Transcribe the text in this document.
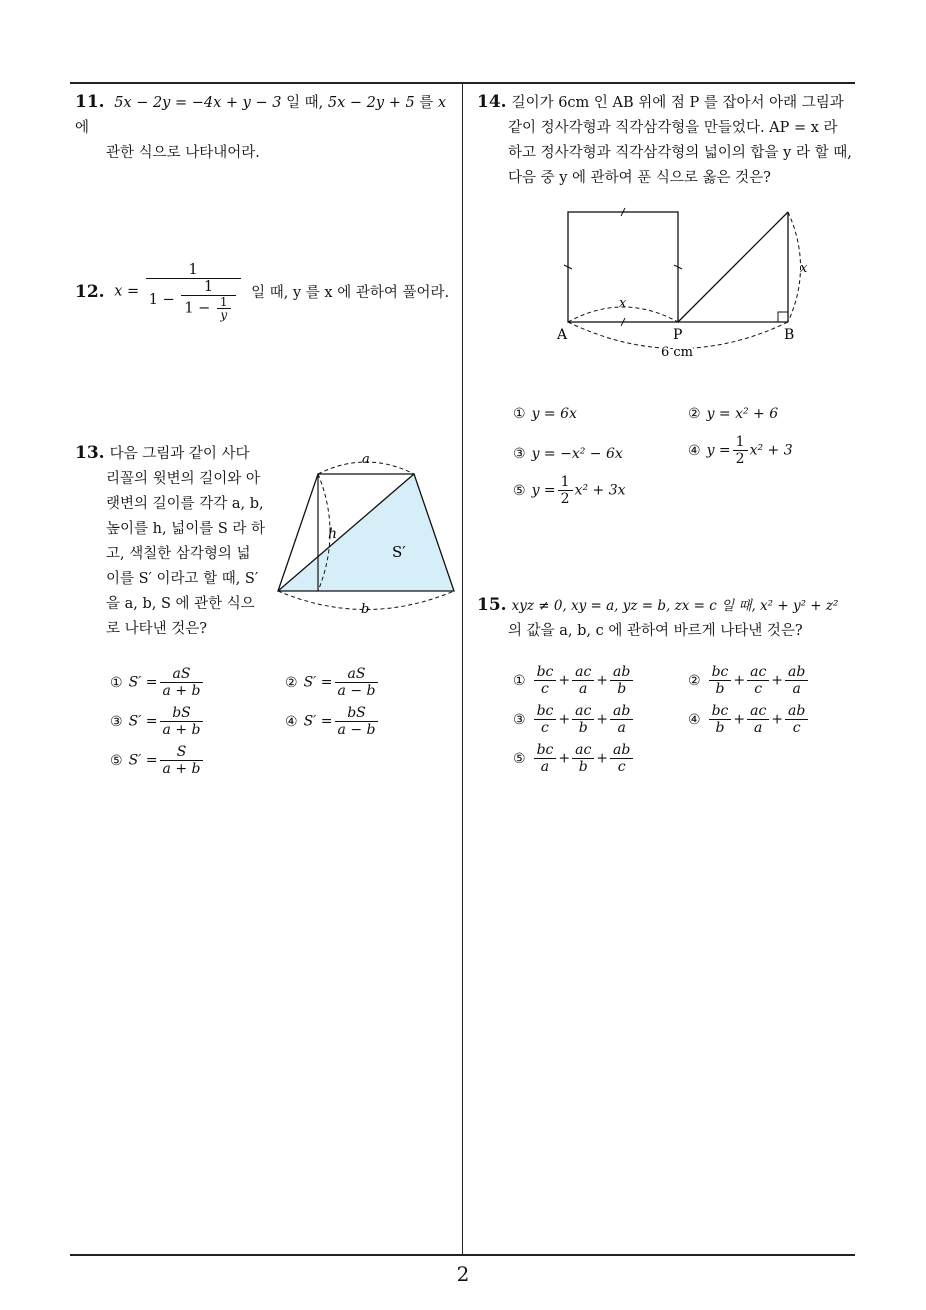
11. 5x − 2y = −4x + y − 3 일 때, 5x − 2y + 5 를 x 에
관한 식으로 나타내어라.
12. x =
1
$1 - \frac{1}{1 - \frac{1}{y}}$ 일 때, y 를 x 에 관하여 풀어라.
13. 다음 그림과 같이 사다
리꼴의 윗변의 길이와 아
랫변의 길이를 각각 a, b,
높이를 h, 넓이를 S 라 하
고, 색칠한 삼각형의 넓
이를 S′ 이라고 할 때, S′
을 a, b, S 에 관한 식으
로 나타낸 것은?
a
h
S′
b
① $S' = \frac{aS}{a + b}$	② $S' = \frac{aS}{a - b}$
③ $S' = \frac{bS}{a + b}$	④ $S' = \frac{bS}{a - b}$
⑤ $S' = \frac{S}{a + b}$
14. 길이가 6cm 인 AB 위에 점 P 를 잡아서 아래 그림과
같이 정사각형과 직각삼각형을 만들었다. AP = x 라
하고 정사각형과 직각삼각형의 넓이의 합을 y 라 할 때,
다음 중 y 에 관하여 푼 식으로 옳은 것은?
x
x
A	P	B
6 cm
① y = 6x	② y = x² + 6
③ y = −x² − 6x	④ $y = \frac{1}{2} x^2 + 3$
⑤ $y = \frac{1}{2} x^2 + 3x$
15. xyz ≠ 0, xy = a, yz = b, zx = c 일 때, x² + y² + z²
의 값을 a, b, c 에 관하여 바르게 나타낸 것은?
① $\frac{bc}{c} + \frac{ac}{a} + \frac{ab}{b}$	② $\frac{bc}{b} + \frac{ac}{c} + \frac{ab}{a}$
③ $\frac{bc}{c} + \frac{ac}{b} + \frac{ab}{a}$	④ $\frac{bc}{b} + \frac{ac}{a} + \frac{ab}{c}$
⑤ $\frac{bc}{a} + \frac{ac}{b} + \frac{ab}{c}$
2
